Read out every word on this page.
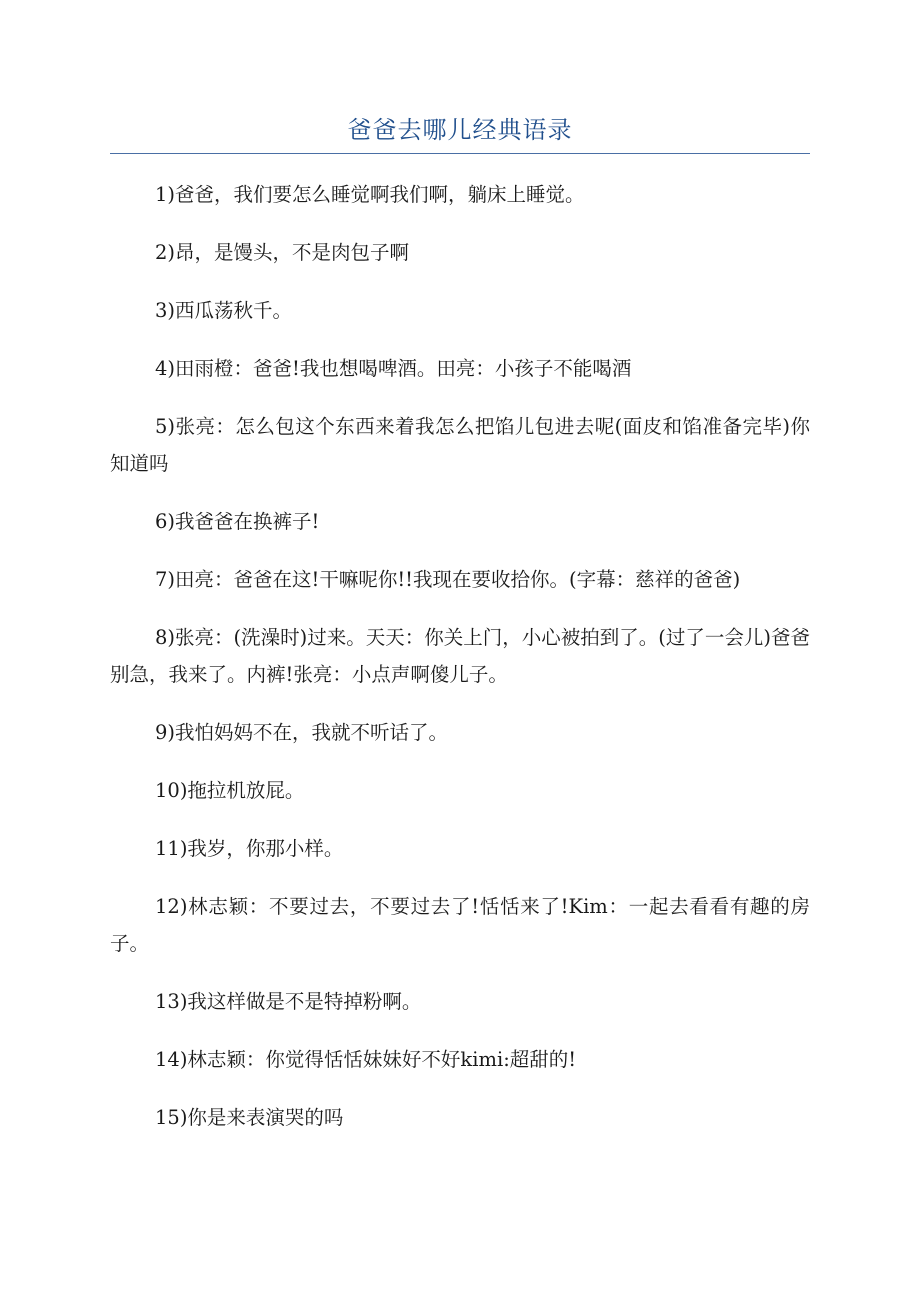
爸爸去哪儿经典语录

1)爸爸，我们要怎么睡觉啊我们啊，躺床上睡觉。

2)昂，是馒头，不是肉包子啊

3)西瓜荡秋千。

4)田雨橙：爸爸!我也想喝啤酒。田亮：小孩子不能喝酒

5)张亮：怎么包这个东西来着我怎么把馅儿包进去呢(面皮和馅准备完毕)你知道吗

6)我爸爸在换裤子!

7)田亮：爸爸在这!干嘛呢你!!我现在要收拾你。(字幕：慈祥的爸爸)

8)张亮：(洗澡时)过来。天天：你关上门，小心被拍到了。(过了一会儿)爸爸别急，我来了。内裤!张亮：小点声啊傻儿子。

9)我怕妈妈不在，我就不听话了。

10)拖拉机放屁。

11)我岁，你那小样。

12)林志颖：不要过去，不要过去了!恬恬来了!Kim：一起去看看有趣的房子。

13)我这样做是不是特掉粉啊。

14)林志颖：你觉得恬恬妹妹好不好kimi:超甜的!

15)你是来表演哭的吗
